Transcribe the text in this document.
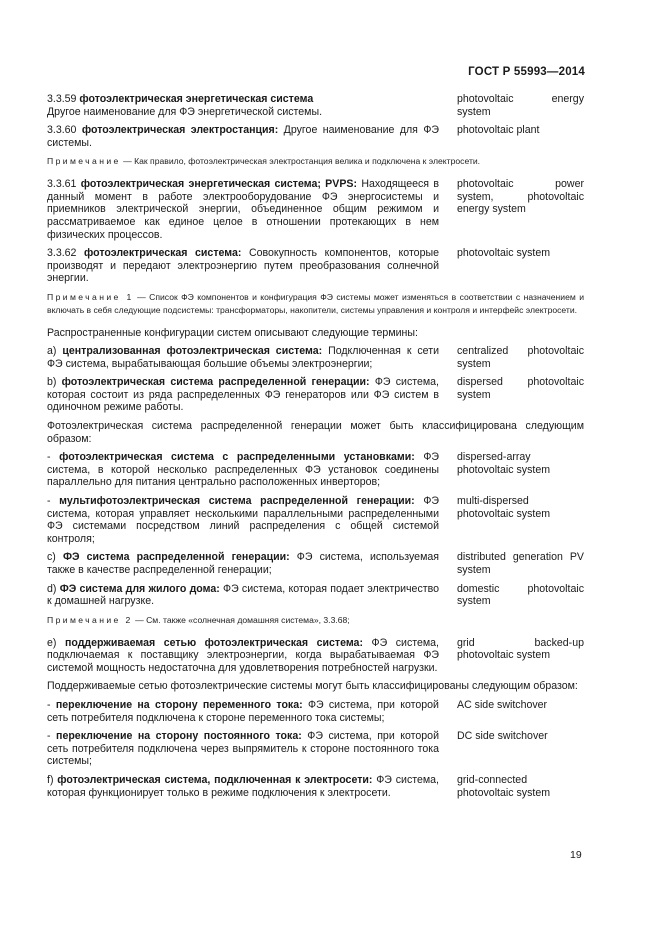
ГОСТ Р 55993—2014
3.3.59 фотоэлектрическая энергетическая система
Другое наименование для ФЭ энергетической системы.
photovoltaic energy system
3.3.60 фотоэлектрическая электростанция: Другое наименование для ФЭ системы.
photovoltaic plant
Примечание — Как правило, фотоэлектрическая электростанция велика и подключена к электросети.
3.3.61 фотоэлектрическая энергетическая система; PVPS: Находящееся в данный момент в работе электрооборудование ФЭ энергосистемы и приемников электрической энергии, объединенное общим режимом и рассматриваемое как единое целое в отношении протекающих в нем физических процессов.
photovoltaic power system, photovoltaic energy system
3.3.62 фотоэлектрическая система: Совокупность компонентов, которые производят и передают электроэнергию путем преобразования солнечной энергии.
photovoltaic system
Примечание 1 — Список ФЭ компонентов и конфигурация ФЭ системы может изменяться в соответствии с назначением и включать в себя следующие подсистемы: трансформаторы, накопители, системы управления и контроля и интерфейс электросети.
Распространенные конфигурации систем описывают следующие термины:
a) централизованная фотоэлектрическая система: Подключенная к сети ФЭ система, вырабатывающая большие объемы электроэнергии;
centralized photovoltaic system
b) фотоэлектрическая система распределенной генерации: ФЭ система, которая состоит из ряда распределенных ФЭ генераторов или ФЭ систем в одиночном режиме работы.
dispersed photovoltaic system
Фотоэлектрическая система распределенной генерации может быть классифицирована следующим образом:
- фотоэлектрическая система с распределенными установками: ФЭ система, в которой несколько распределенных ФЭ установок соединены параллельно для питания центрально расположенных инверторов;
dispersed-array photovoltaic system
- мультифотоэлектрическая система распределенной генерации: ФЭ система, которая управляет несколькими параллельными распределенными ФЭ системами посредством линий распределения с общей системой контроля;
multi-dispersed photovoltaic system
c) ФЭ система распределенной генерации: ФЭ система, используемая также в качестве распределенной генерации;
distributed generation PV system
d) ФЭ система для жилого дома: ФЭ система, которая подает электричество к домашней нагрузке.
domestic photovoltaic system
Примечание 2 — См. также «солнечная домашняя система», 3.3.68;
e) поддерживаемая сетью фотоэлектрическая система: ФЭ система, подключаемая к поставщику электроэнергии, когда вырабатываемая ФЭ системой мощность недостаточна для удовлетворения потребностей нагрузки.
grid backed-up photovoltaic system
Поддерживаемые сетью фотоэлектрические системы могут быть классифицированы следующим образом:
- переключение на сторону переменного тока: ФЭ система, при которой сеть потребителя подключена к стороне переменного тока системы;
AC side switchover
- переключение на сторону постоянного тока: ФЭ система, при которой сеть потребителя подключена через выпрямитель к стороне постоянного тока системы;
DC side switchover
f) фотоэлектрическая система, подключенная к электросети: ФЭ система, которая функционирует только в режиме подключения к электросети.
grid-connected photovoltaic system
19
